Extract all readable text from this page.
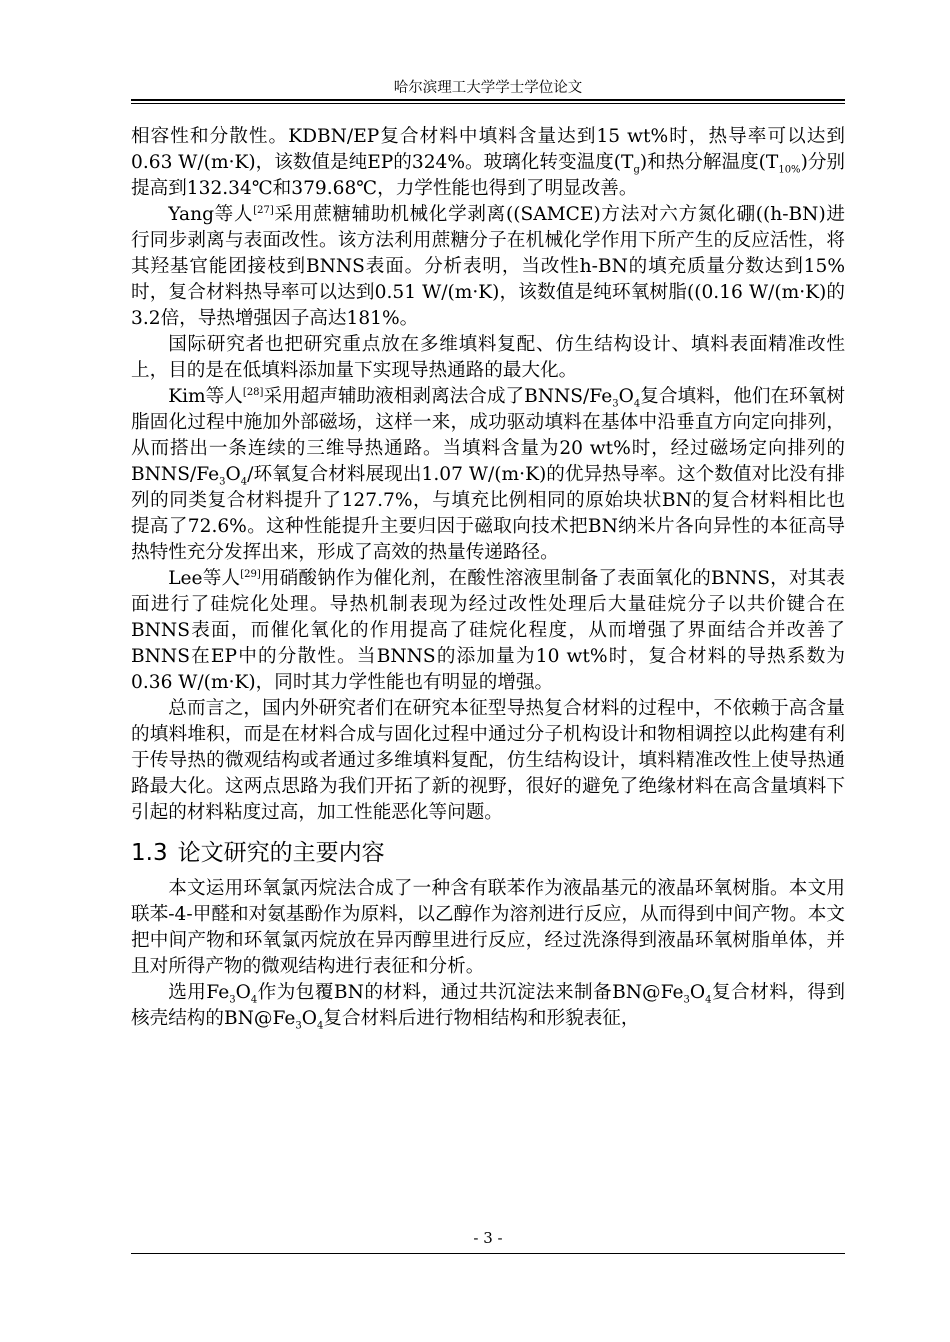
哈尔滨理工大学学士学位论文

相容性和分散性。KDBN/EP复合材料中填料含量达到15 wt%时，热导率可以达到0.63 W/(m·K)，该数值是纯EP的324%。玻璃化转变温度$(T_g)$和热分解温度$(T_{10\%})$分别提高到132.34℃和379.68℃，力学性能也得到了明显改善。

Yang等人[27]采用蔗糖辅助机械化学剥离((SAMCE)方法对六方氮化硼((h-BN)进行同步剥离与表面改性。该方法利用蔗糖分子在机械化学作用下所产生的反应活性，将其羟基官能团接枝到BNNS表面。分析表明，当改性h-BN的填充质量分数达到15%时，复合材料热导率可以达到0.51 W/(m·K)，该数值是纯环氧树脂((0.16 W/(m·K)的3.2倍，导热增强因子高达181%。

国际研究者也把研究重点放在多维填料复配、仿生结构设计、填料表面精准改性上，目的是在低填料添加量下实现导热通路的最大化。

Kim等人[28]采用超声辅助液相剥离法合成了BNNS/$Fe_3O_4$复合填料，他们在环氧树脂固化过程中施加外部磁场，这样一来，成功驱动填料在基体中沿垂直方向定向排列，从而搭出一条连续的三维导热通路。当填料含量为20 wt%时，经过磁场定向排列的BNNS/$Fe_3O_4/$环氧复合材料展现出1.07 W/(m·K)的优异热导率。这个数值对比没有排列的同类复合材料提升了127.7%，与填充比例相同的原始块状BN的复合材料相比也提高了72.6%。这种性能提升主要归因于磁取向技术把BN纳米片各向异性的本征高导热特性充分发挥出来，形成了高效的热量传递路径。

Lee等人[29]用硝酸钠作为催化剂，在酸性溶液里制备了表面氧化的BNNS，对其表面进行了硅烷化处理。导热机制表现为经过改性处理后大量硅烷分子以共价键合在BNNS表面，而催化氧化的作用提高了硅烷化程度，从而增强了界面结合并改善了BNNS在EP中的分散性。当BNNS的添加量为10 wt%时，复合材料的导热系数为0.36 W/(m·K)，同时其力学性能也有明显的增强。

总而言之，国内外研究者们在研究本征型导热复合材料的过程中，不依赖于高含量的填料堆积，而是在材料合成与固化过程中通过分子机构设计和物相调控以此构建有利于传导热的微观结构或者通过多维填料复配，仿生结构设计，填料精准改性上使导热通路最大化。这两点思路为我们开拓了新的视野，很好的避免了绝缘材料在高含量填料下引起的材料粘度过高，加工性能恶化等问题。

1.3 论文研究的主要内容

本文运用环氧氯丙烷法合成了一种含有联苯作为液晶基元的液晶环氧树脂。本文用联苯-4-甲醛和对氨基酚作为原料，以乙醇作为溶剂进行反应，从而得到中间产物。本文把中间产物和环氧氯丙烷放在异丙醇里进行反应，经过洗涤得到液晶环氧树脂单体，并且对所得产物的微观结构进行表征和分析。

选用$Fe_3O_4$作为包覆BN的材料，通过共沉淀法来制备$BN@Fe_3O_4$复合材料，得到核壳结构的$BN@Fe_3O_4$复合材料后进行物相结构和形貌表征，

- 3 -
